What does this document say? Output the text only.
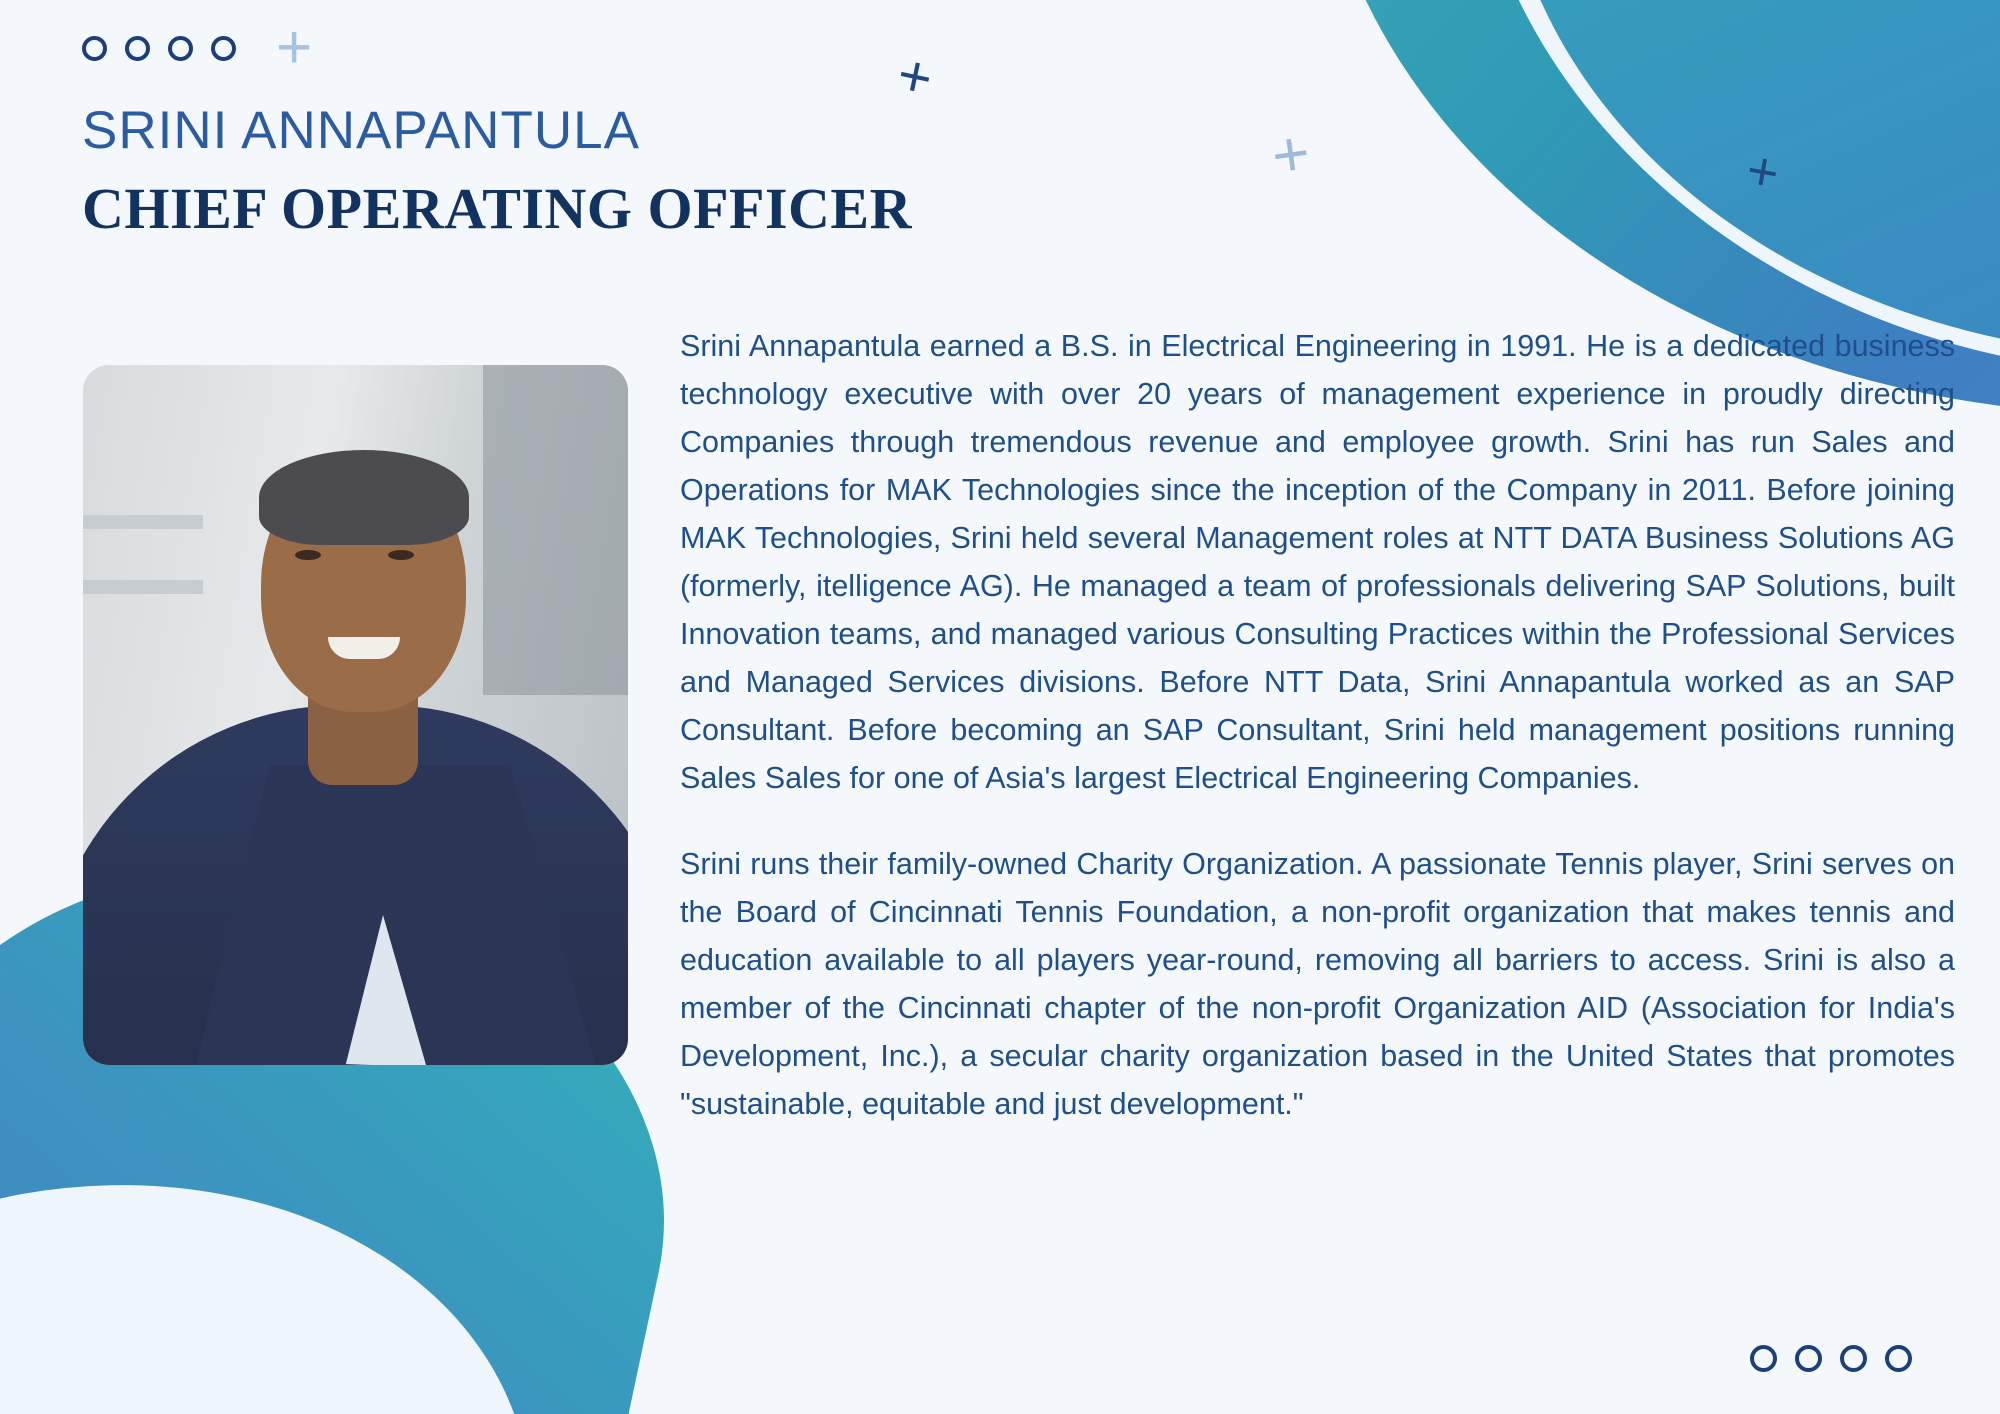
+
+	+
+
SRINI ANNAPANTULA
CHIEF OPERATING OFFICER

Srini Annapantula earned a B.S. in Electrical Engineering in 1991. He is a dedicated business technology executive with over 20 years of management experience in proudly directing Companies through tremendous revenue and employee growth. Srini has run Sales and Operations for MAK Technologies since the inception of the Company in 2011. Before joining MAK Technologies, Srini held several Management roles at NTT DATA Business Solutions AG (formerly, itelligence AG). He managed a team of professionals delivering SAP Solutions, built Innovation teams, and managed various Consulting Practices within the Professional Services and Managed Services divisions. Before NTT Data, Srini Annapantula worked as an SAP Consultant. Before becoming an SAP Consultant, Srini held management positions running Sales Sales for one of Asia's largest Electrical Engineering Companies.

Srini runs their family-owned Charity Organization. A passionate Tennis player, Srini serves on the Board of Cincinnati Tennis Foundation, a non-profit organization that makes tennis and education available to all players year-round, removing all barriers to access. Srini is also a member of the Cincinnati chapter of the non-profit Organization AID (Association for India's Development, Inc.), a secular charity organization based in the United States that promotes "sustainable, equitable and just development."
